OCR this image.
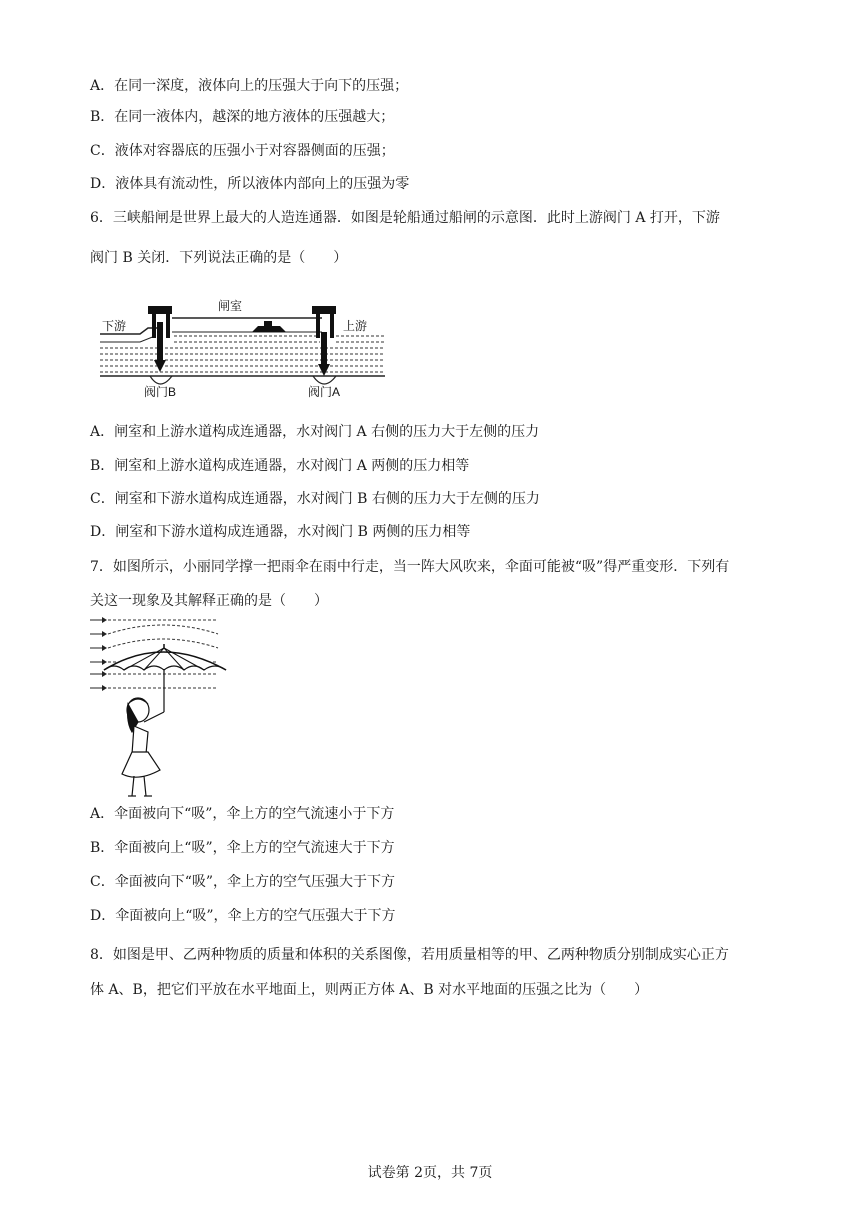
A．在同一深度，液体向上的压强大于向下的压强；
B．在同一液体内，越深的地方液体的压强越大；
C．液体对容器底的压强小于对容器侧面的压强；
D．液体具有流动性，所以液体内部向上的压强为零
6．三峡船闸是世界上最大的人造连通器．如图是轮船通过船闸的示意图．此时上游阀门 A 打开，下游
阀门 B 关闭．下列说法正确的是（　　）
闸室
下游	上游
阀门B	阀门A
A．闸室和上游水道构成连通器，水对阀门 A 右侧的压力大于左侧的压力
B．闸室和上游水道构成连通器，水对阀门 A 两侧的压力相等
C．闸室和下游水道构成连通器，水对阀门 B 右侧的压力大于左侧的压力
D．闸室和下游水道构成连通器，水对阀门 B 两侧的压力相等
7．如图所示，小丽同学撑一把雨伞在雨中行走，当一阵大风吹来，伞面可能被“吸”得严重变形．下列有
关这一现象及其解释正确的是（　　）
A．伞面被向下“吸”，伞上方的空气流速小于下方
B．伞面被向上“吸”，伞上方的空气流速大于下方
C．伞面被向下“吸”，伞上方的空气压强大于下方
D．伞面被向上“吸”，伞上方的空气压强大于下方
8．如图是甲、乙两种物质的质量和体积的关系图像，若用质量相等的甲、乙两种物质分别制成实心正方
体 A、B，把它们平放在水平地面上，则两正方体 A、B 对水平地面的压强之比为（　　）
试卷第 2页，共 7页
